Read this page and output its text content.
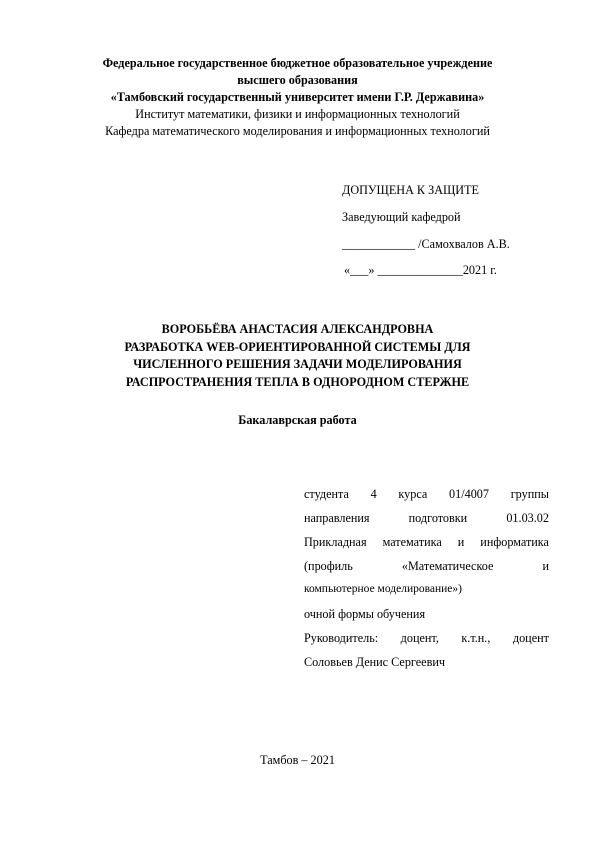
Федеральное государственное бюджетное образовательное учреждение
высшего образования
«Тамбовский государственный университет имени Г.Р. Державина»
Институт математики, физики и информационных технологий
Кафедра математического моделирования и информационных технологий
ДОПУЩЕНА К ЗАЩИТЕ
Заведующий кафедрой
____________ /Самохвалов А.В.
«___» ______________2021 г.
ВОРОБЬЁВА АНАСТАСИЯ АЛЕКСАНДРОВНА
РАЗРАБОТКА WEB-ОРИЕНТИРОВАННОЙ СИСТЕМЫ ДЛЯ
ЧИСЛЕННОГО РЕШЕНИЯ ЗАДАЧИ МОДЕЛИРОВАНИЯ
РАСПРОСТРАНЕНИЯ ТЕПЛА В ОДНОРОДНОМ СТЕРЖНЕ
Бакалаврская работа
студента 4 курса 01/4007 группы
направления	подготовки	01.03.02
Прикладная математика и информатика
(профиль	«Математическое	и
компьютерное моделирование»)
очной формы обучения
Руководитель: доцент, к.т.н., доцент
Соловьев Денис Сергеевич
Тамбов – 2021
